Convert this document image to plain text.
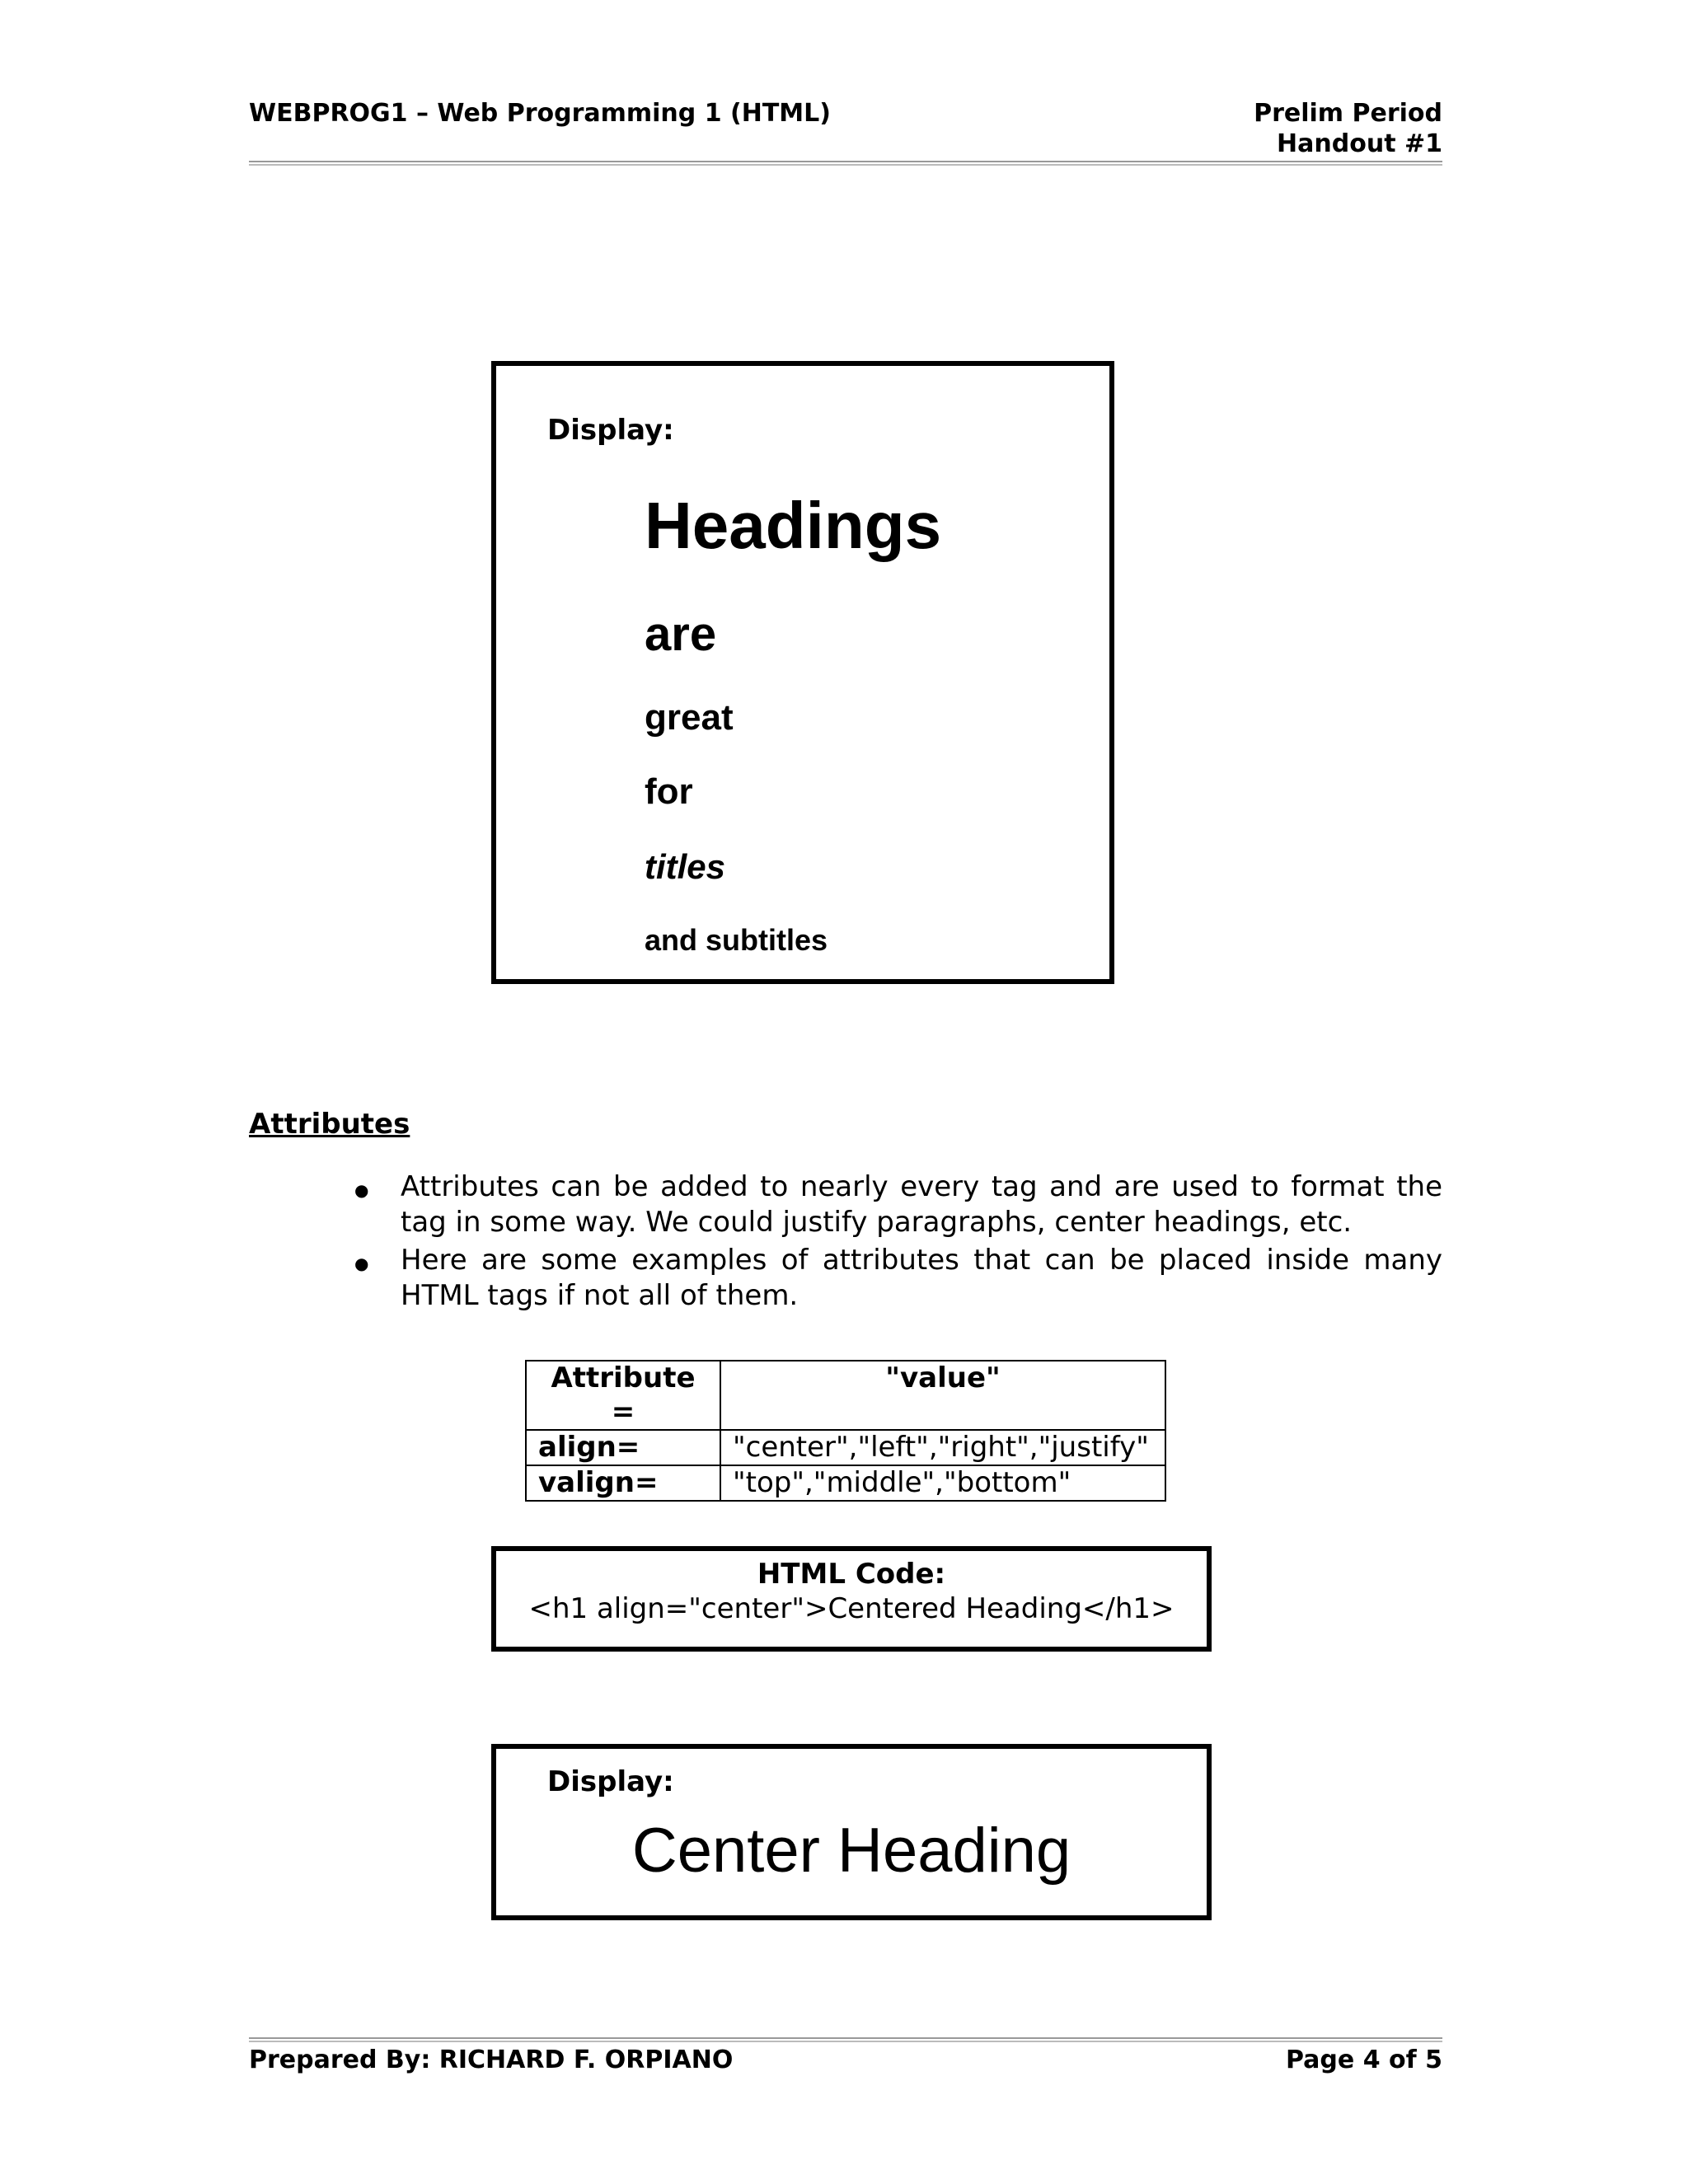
WEBPROG1 – Web Programming 1 (HTML)	Prelim Period
Handout #1
Display:
Headings
are
great
for
titles
and subtitles
Attributes
● Attributes can be added to nearly every tag and are used to format the tag in some way. We could justify paragraphs, center headings, etc.
● Here are some examples of attributes that can be placed inside many HTML tags if not all of them.
Attribute =	"value"
align=	"center","left","right","justify"
valign=	"top","middle","bottom"
HTML Code:
<h1 align="center">Centered Heading</h1>
Display:
Center Heading
Prepared By: RICHARD F. ORPIANO	Page 4 of 5
